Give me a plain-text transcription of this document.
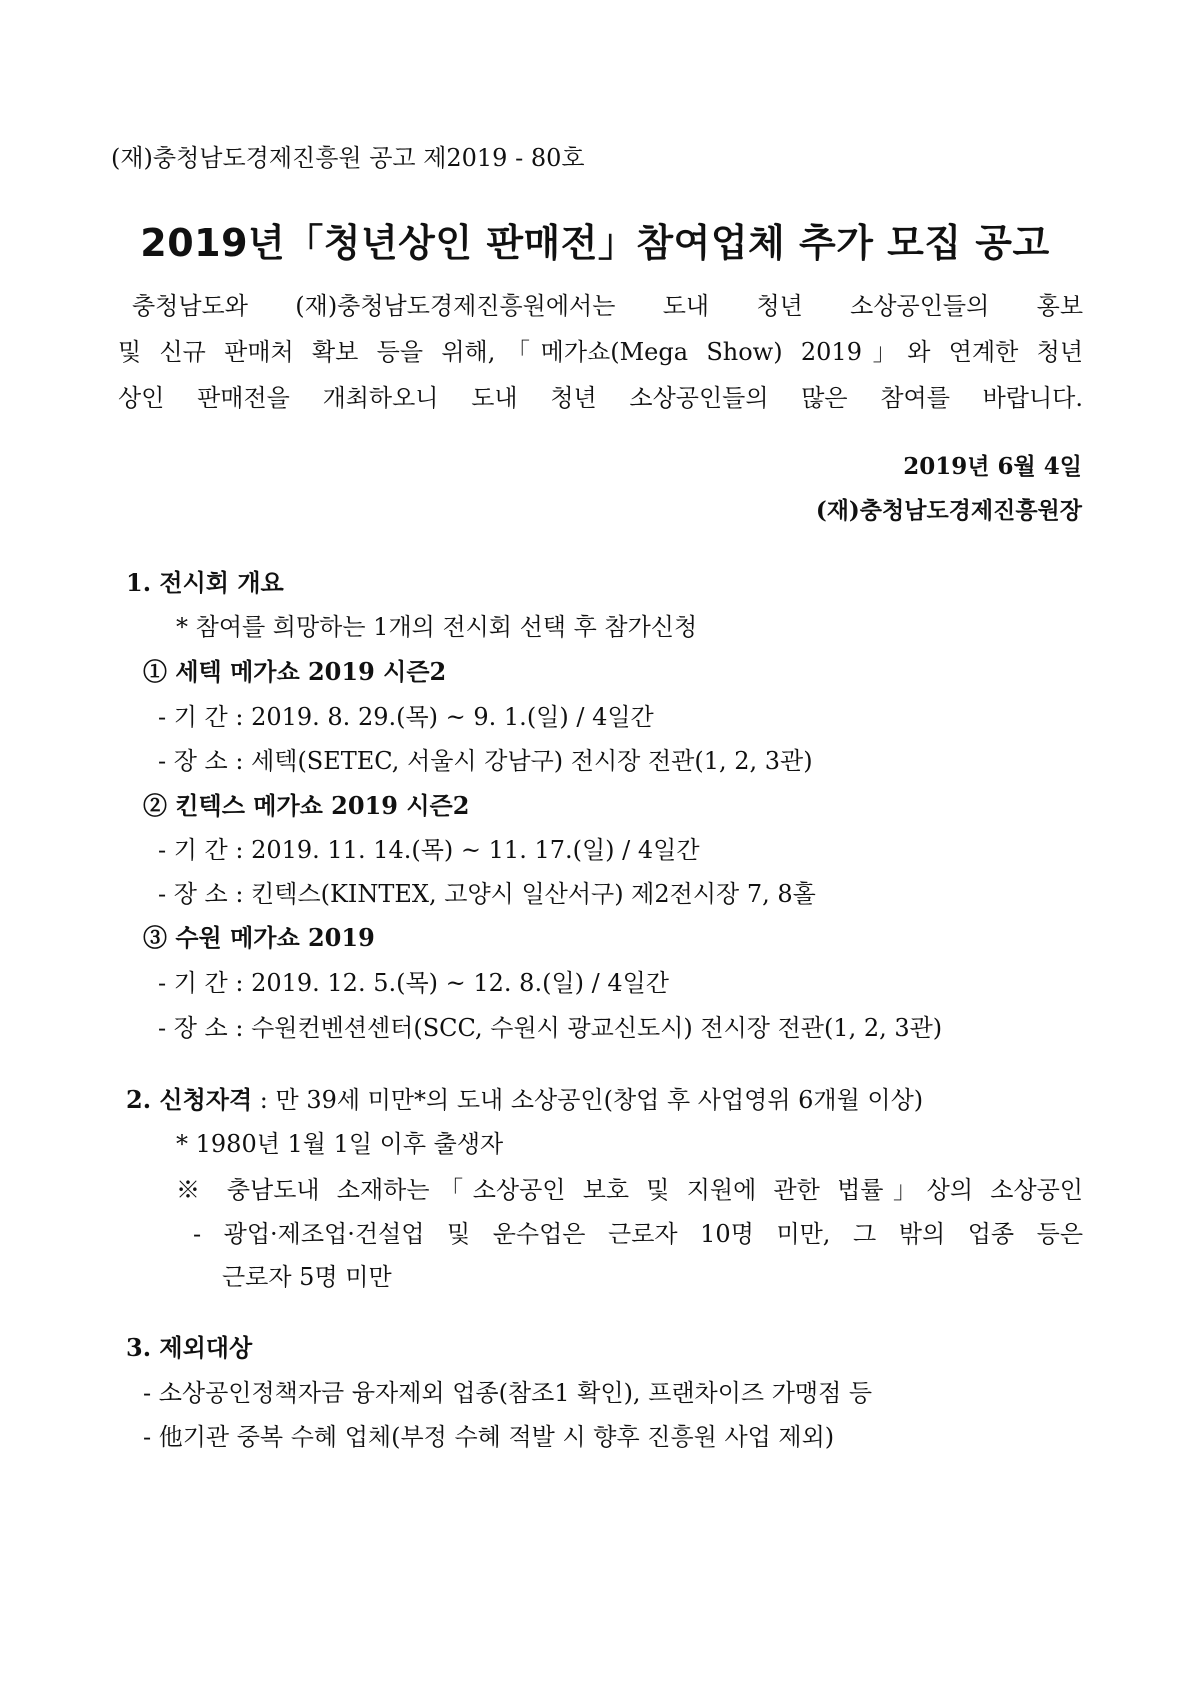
(재)충청남도경제진흥원 공고 제2019 - 80호
2019년「청년상인 판매전」참여업체 추가 모집 공고
충청남도와 (재)충청남도경제진흥원에서는 도내 청년 소상공인들의 홍보
및 신규 판매처 확보 등을 위해,「메가쇼(Mega Show) 2019」와 연계한 청년
상인 판매전을 개최하오니 도내 청년 소상공인들의 많은 참여를 바랍니다.
2019년 6월 4일
(재)충청남도경제진흥원장
1. 전시회 개요
* 참여를 희망하는 1개의 전시회 선택 후 참가신청
① 세텍 메가쇼 2019 시즌2
- 기 간 : 2019. 8. 29.(목) ~ 9. 1.(일) / 4일간
- 장 소 : 세텍(SETEC, 서울시 강남구) 전시장 전관(1, 2, 3관)
② 킨텍스 메가쇼 2019 시즌2
- 기 간 : 2019. 11. 14.(목) ~ 11. 17.(일) / 4일간
- 장 소 : 킨텍스(KINTEX, 고양시 일산서구) 제2전시장 7, 8홀
③ 수원 메가쇼 2019
- 기 간 : 2019. 12. 5.(목) ~ 12. 8.(일) / 4일간
- 장 소 : 수원컨벤션센터(SCC, 수원시 광교신도시) 전시장 전관(1, 2, 3관)
2. 신청자격 : 만 39세 미만*의 도내 소상공인(창업 후 사업영위 6개월 이상)
* 1980년 1월 1일 이후 출생자
※ 충남도내 소재하는「소상공인 보호 및 지원에 관한 법률」상의 소상공인
- 광업·제조업·건설업 및 운수업은 근로자 10명 미만, 그 밖의 업종 등은
근로자 5명 미만
3. 제외대상
- 소상공인정책자금 융자제외 업종(참조1 확인), 프랜차이즈 가맹점 등
- 他기관 중복 수혜 업체(부정 수혜 적발 시 향후 진흥원 사업 제외)
